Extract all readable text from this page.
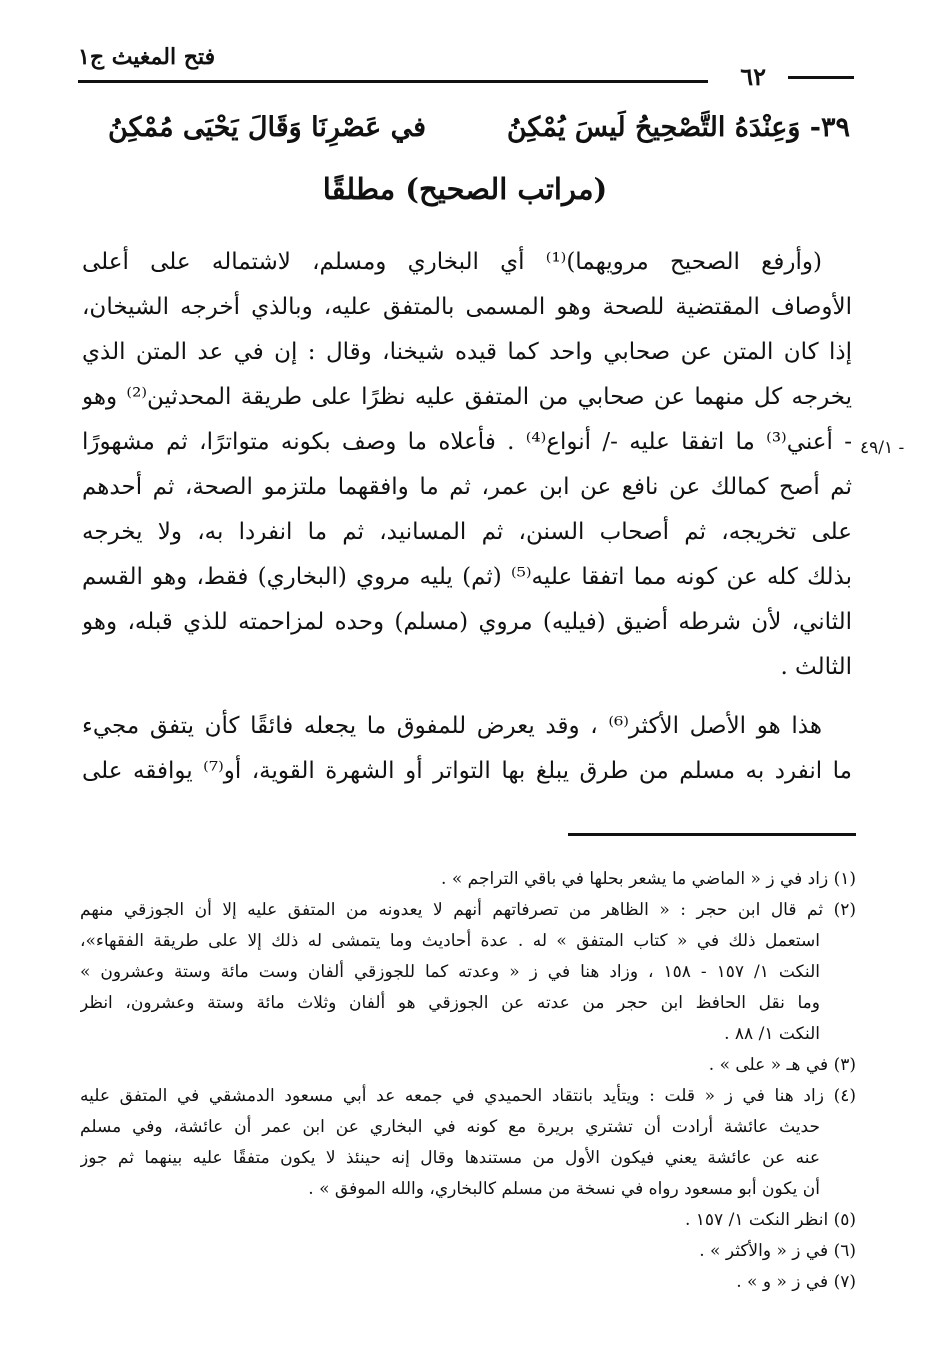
فتح المغيث ج١
٦٢
٣٩- وَعِنْدَهُ التَّصْحِيحُ لَيسَ يُمْكِنُ
في عَصْرِنَا وَقَالَ يَحْيَى مُمْكِنُ
(مراتب الصحيح) مطلقًا
٤٩/١ -
(وأرفع الصحيح مرويهما)⁽¹⁾ أي البخاري ومسلم، لاشتماله على أعلى
الأوصاف المقتضية للصحة وهو المسمى بالمتفق عليه، وبالذي أخرجه الشيخان،
إذا كان المتن عن صحابي واحد كما قيده شيخنا، وقال : إن في عد المتن الذي
يخرجه كل منهما عن صحابي من المتفق عليه نظرًا على طريقة المحدثين⁽²⁾ وهو
- أعني⁽³⁾ ما اتفقا عليه -/ أنواع⁽⁴⁾ . فأعلاه ما وصف بكونه متواترًا، ثم مشهورًا
ثم أصح كمالك عن نافع عن ابن عمر، ثم ما وافقهما ملتزمو الصحة، ثم أحدهم
على تخريجه، ثم أصحاب السنن، ثم المسانيد، ثم ما انفردا به، ولا يخرجه
بذلك كله عن كونه مما اتفقا عليه⁽⁵⁾ (ثم) يليه مروي (البخاري) فقط، وهو القسم
الثاني، لأن شرطه أضيق (فيليه) مروي (مسلم) وحده لمزاحمته للذي قبله، وهو
الثالث .
هذا هو الأصل الأكثر⁽⁶⁾ ، وقد يعرض للمفوق ما يجعله فائقًا كأن يتفق مجيء
ما انفرد به مسلم من طرق يبلغ بها التواتر أو الشهرة القوية، أو⁽⁷⁾ يوافقه على
(١) زاد في ز « الماضي ما يشعر بحلها في باقي التراجم » .
(٢) ثم قال ابن حجر : « الظاهر من تصرفاتهم أنهم لا يعدونه من المتفق عليه إلا أن الجوزقي منهم
استعمل ذلك في « كتاب المتفق » له . عدة أحاديث وما يتمشى له ذلك إلا على طريقة الفقهاء»،
النكت ١/ ١٥٧ - ١٥٨ ، وزاد هنا في ز « وعدته كما للجوزقي ألفان وست مائة وستة وعشرون »
وما نقل الحافظ ابن حجر من عدته عن الجوزقي هو ألفان وثلاث مائة وستة وعشرون، انظر
النكت ١/ ٨٨ .
(٣) في هـ « على » .
(٤) زاد هنا في ز « قلت : ويتأيد بانتقاد الحميدي في جمعه عد أبي مسعود الدمشقي في المتفق عليه
حديث عائشة أرادت أن تشتري بريرة مع كونه في البخاري عن ابن عمر أن عائشة، وفي مسلم
عنه عن عائشة يعني فيكون الأول من مستندها وقال إنه حينئذ لا يكون متفقًا عليه بينهما ثم جوز
أن يكون أبو مسعود رواه في نسخة من مسلم كالبخاري، والله الموفق » .
(٥) انظر النكت ١/ ١٥٧ .
(٦) في ز « والأكثر » .
(٧) في ز « و » .
